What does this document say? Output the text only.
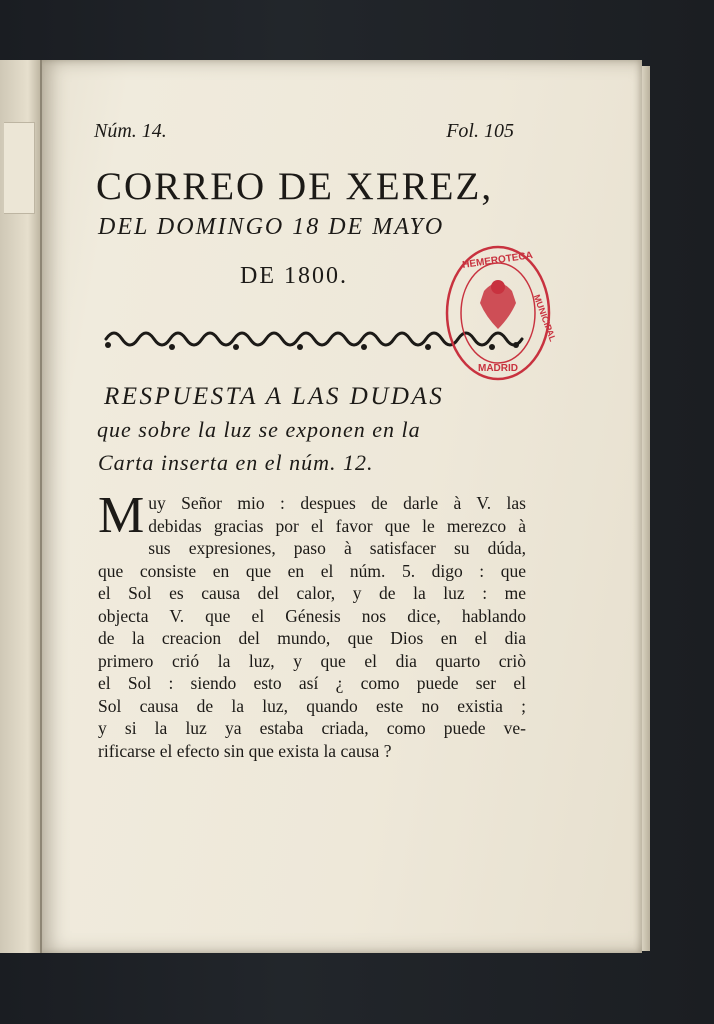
Núm. 14.	Fol. 105
CORREO DE XEREZ,
DEL DOMINGO 18 DE MAYO
DE 1800.
HEMEROTECA
MADRID
MUNICIPAL
RESPUESTA A LAS DUDAS
que sobre la luz se exponen en la
Carta inserta en el núm. 12.
M uy Señor mio : despues de darle à V. las
debidas gracias por el favor que le merezco à
sus expresiones, paso à satisfacer su dúda,
que consiste en que en el núm. 5. digo : que
el Sol es causa del calor, y de la luz : me
objecta V. que el Génesis nos dice, hablando
de la creacion del mundo, que Dios en el dia
primero crió la luz, y que el dia quarto criò
el Sol : siendo esto así ¿ como puede ser el
Sol causa de la luz, quando este no existia ;
y si la luz ya estaba criada, como puede ve-
rificarse el efecto sin que exista la causa ?
